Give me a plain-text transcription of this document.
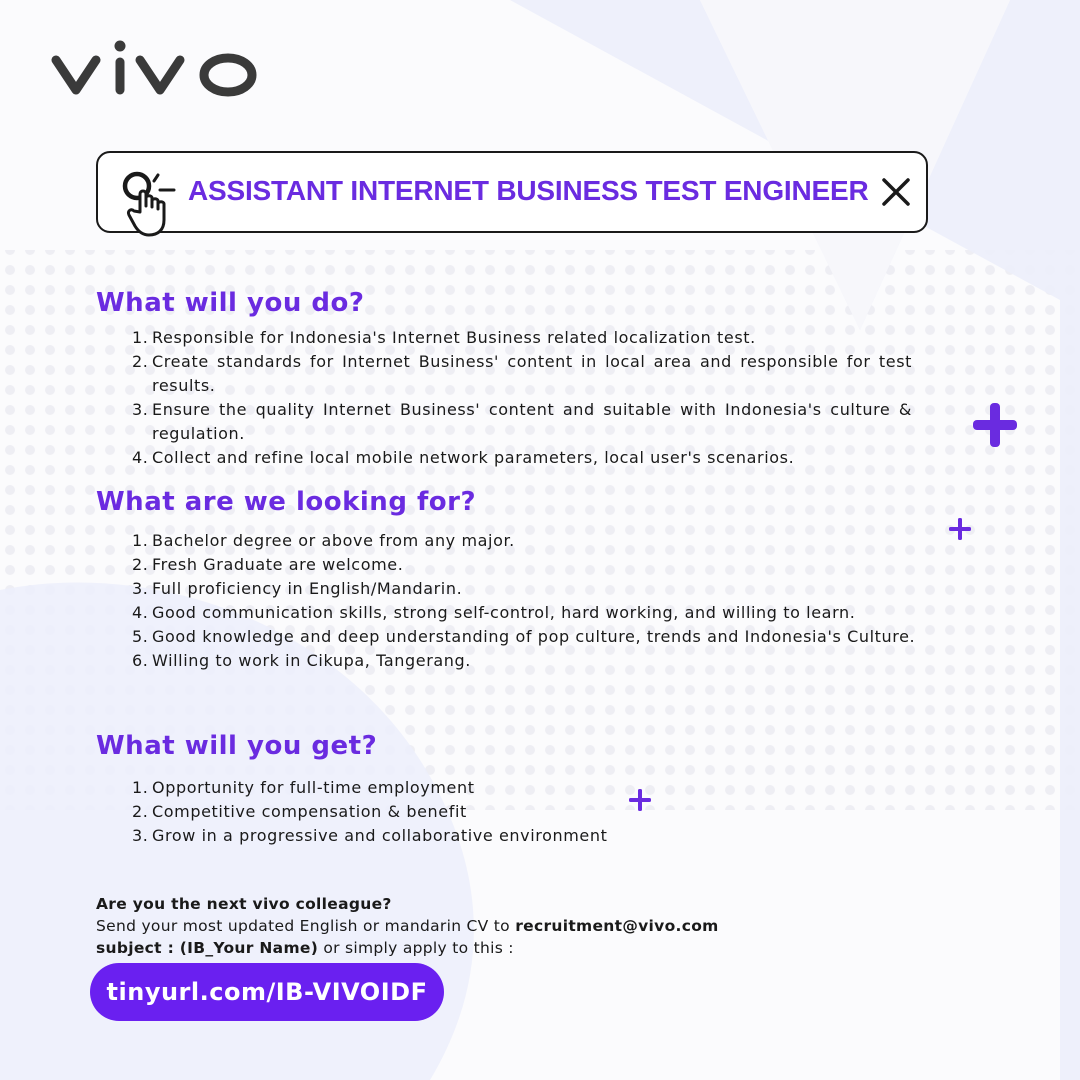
ASSISTANT INTERNET BUSINESS TEST ENGINEER
What will you do?
1. Responsible for Indonesia's Internet Business related localization test.
2. Create standards for Internet Business' content in local area and responsible for test results.
3. Ensure the quality Internet Business' content and suitable with Indonesia's culture & regulation.
4. Collect and refine local mobile network parameters, local user's scenarios.
What are we looking for?
1. Bachelor degree or above from any major.
2. Fresh Graduate are welcome.
3. Full proficiency in English/Mandarin.
4. Good communication skills, strong self-control, hard working, and willing to learn.
5. Good knowledge and deep understanding of pop culture, trends and Indonesia's Culture.
6. Willing to work in Cikupa, Tangerang.
What will you get?
1. Opportunity for full-time employment
2. Competitive compensation & benefit
3. Grow in a progressive and collaborative environment
Are you the next vivo colleague?
Send your most updated English or mandarin CV to recruitment@vivo.com
subject : (IB_Your Name) or simply apply to this :
tinyurl.com/IB-VIVOIDF
